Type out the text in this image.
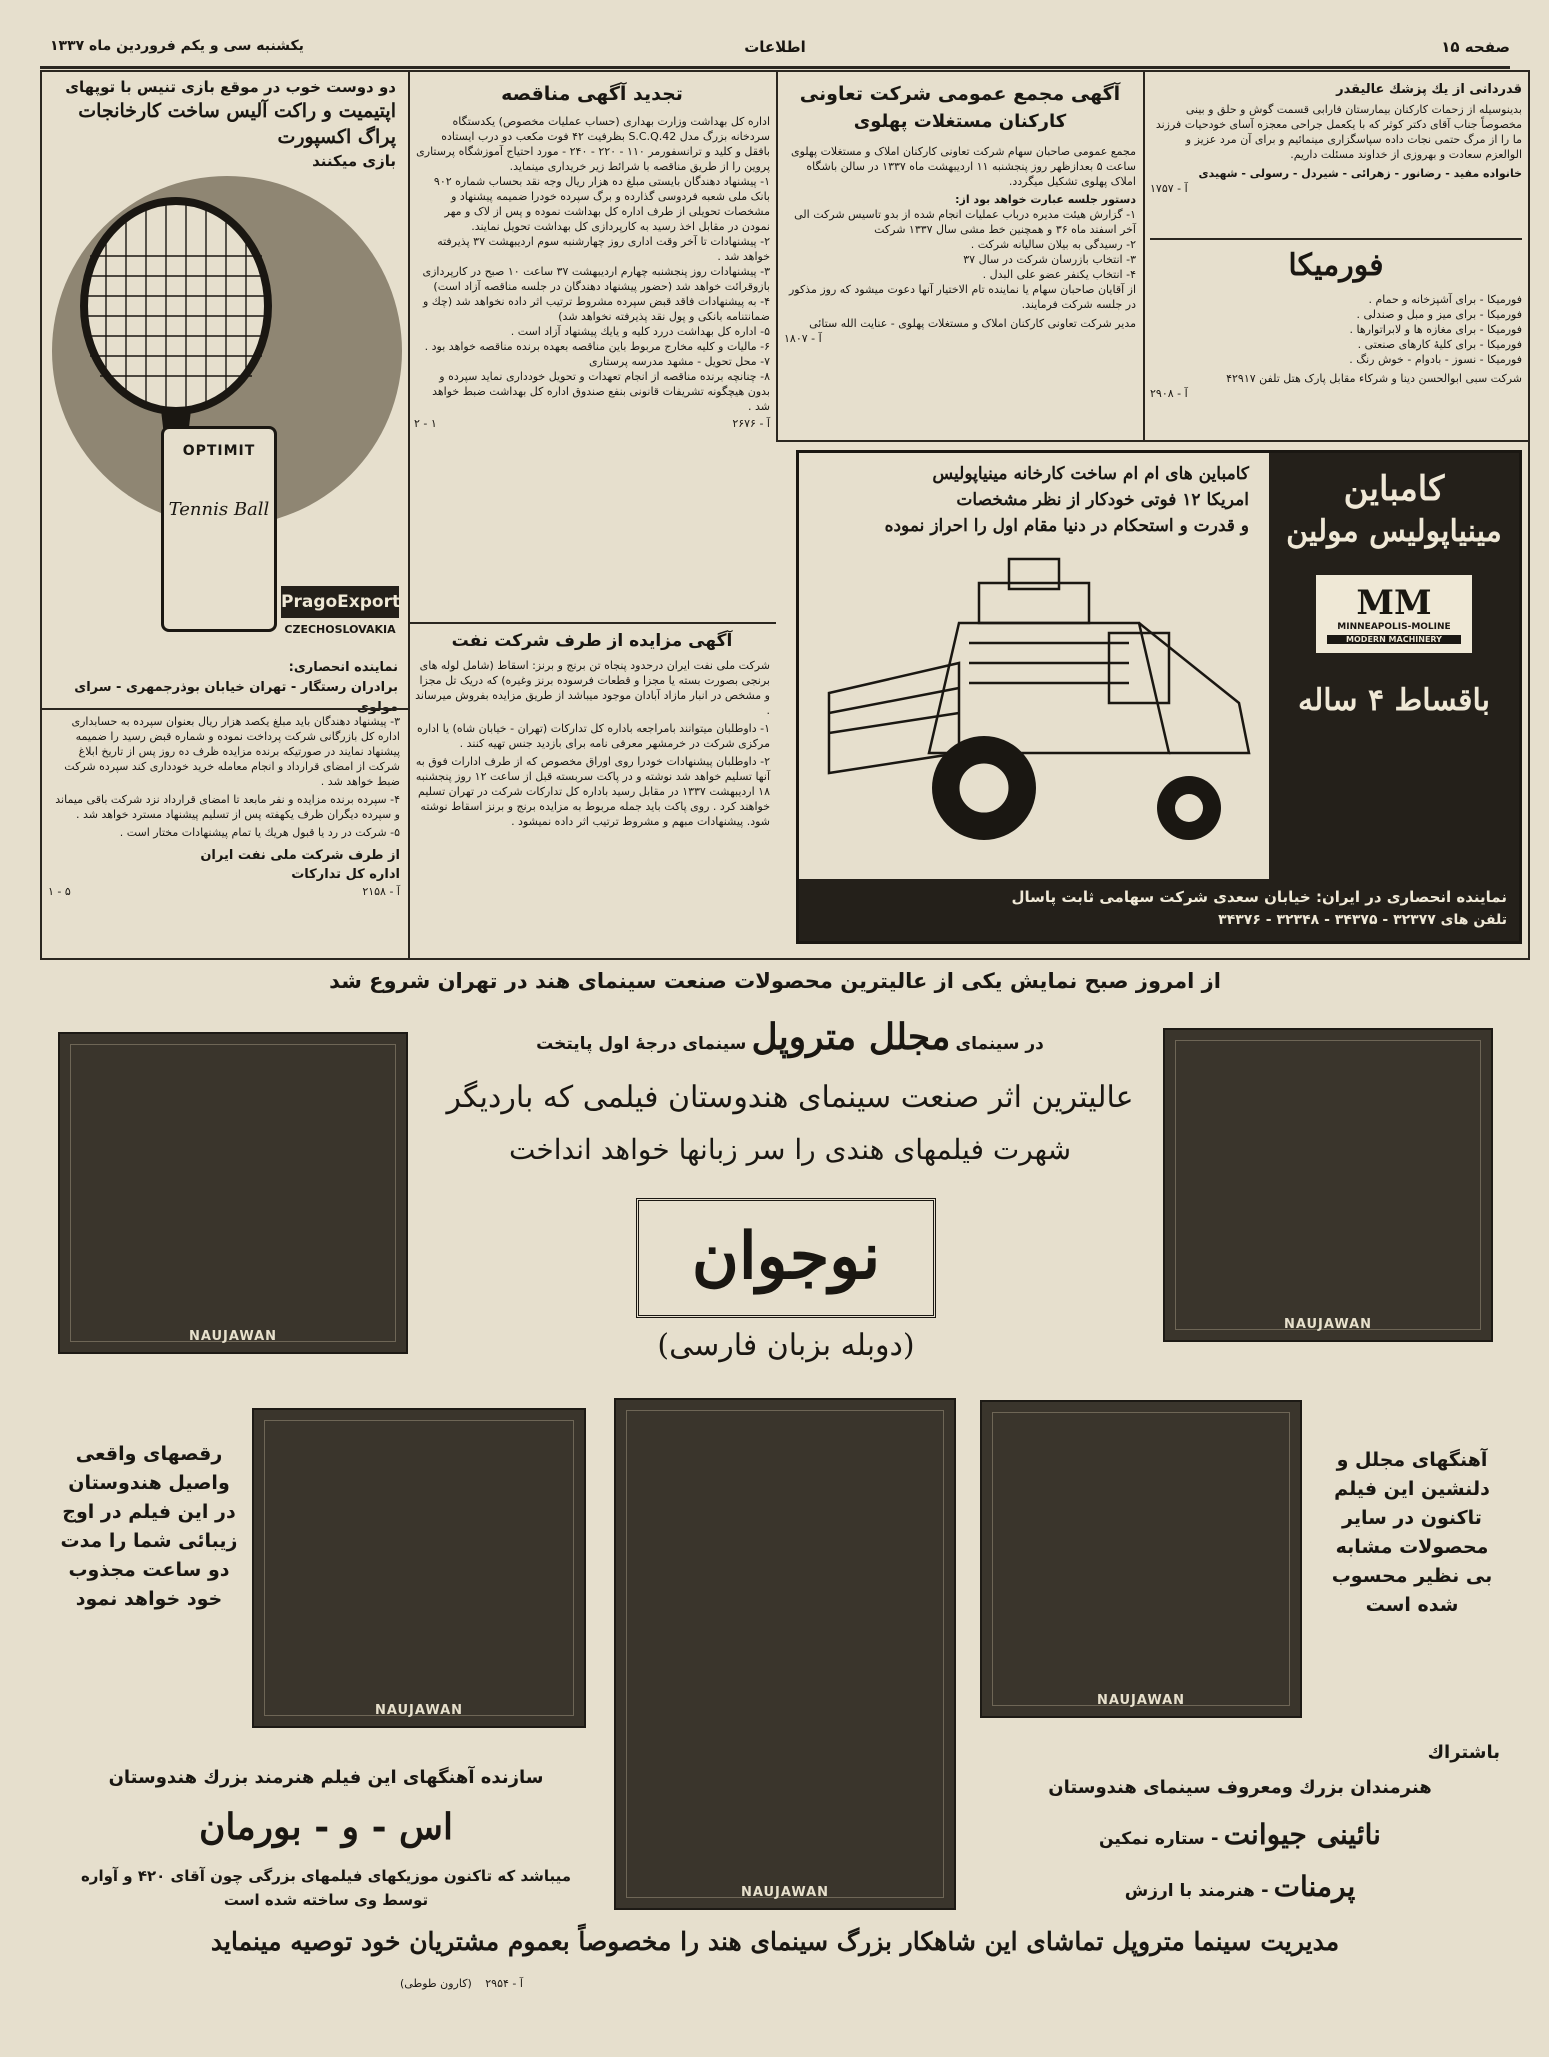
صفحه ۱۵
اطلاعات
یکشنبه سی و یکم فروردین ماه ۱۳۳۷
قدردانی از یك پزشك عالیقدر
بدینوسیله از زحمات کارکنان بیمارستان فارابی قسمت گوش و حلق و بینی مخصوصاً جناب آقای دکتر کوثر که با یکعمل جراحی معجزه آسای خودحیات فرزند ما را از مرگ حتمی نجات داده سپاسگزاری مینمائیم و برای آن مرد عزیز و الوالعزم سعادت و بهروزی از خداوند مسئلت داریم.
خانواده مفید - رضانور - زهرائی - شیردل - رسولی - شهیدی
آ - ۱۷۵۷
فورمیکا
فورمیکا - برای آشپزخانه و حمام .
فورمیکا - برای میز و مبل و صندلی .
فورمیکا - برای مغازه ها و لابراتوارها .
فورمیکا - برای کلیهٔ کارهای صنعتی .
فورمیکا - نسوز - بادوام - خوش رنگ .
شرکت سبی ابوالحسن دینا و شرکاء مقابل پارک هتل تلفن ۴۲۹۱۷
آ - ۲۹۰۸
آگهی مجمع عمومی شرکت تعاونی
کارکنان مستغلات پهلوی
مجمع عمومی صاحبان سهام شرکت تعاونی کارکنان املاک و مستغلات پهلوی ساعت ۵ بعدازظهر روز پنجشنبه ۱۱ اردیبهشت ماه ۱۳۳۷ در سالن باشگاه املاک پهلوی تشکیل میگردد.
دستور جلسه عبارت خواهد بود از:
۱- گزارش هیئت مدیره درباب عملیات انجام شده از بدو تاسیس شرکت الی آخر اسفند ماه ۳۶ و همچنین خط مشی سال ۱۳۳۷ شرکت
۲- رسیدگی به بیلان سالیانه شرکت .
۳- انتخاب بازرسان شرکت در سال ۳۷
۴- انتخاب یکنفر عضو علی البدل .
از آقایان صاحبان سهام یا نماینده تام الاختیار آنها دعوت میشود که روز مذکور در جلسه شرکت فرمایند.
مدیر شرکت تعاونی کارکنان املاک و مستغلات پهلوی - عنایت الله ستائی
آ - ۱۸۰۷
تجدید آگهی مناقصه
اداره کل بهداشت وزارت بهداری (حساب عملیات مخصوص) یکدستگاه سردخانه بزرگ مدل S.C.Q.42 بظرفیت ۴۲ فوت مکعب دو درب ایستاده بافقل و کلید و ترانسفورمر ۱۱۰ - ۲۲۰ - ۲۴۰ - مورد احتیاج آموزشگاه پرستاری پروین را از طریق مناقصه با شرائط زیر خریداری مینماید.
۱- پیشنهاد دهندگان بایستی مبلغ ده هزار ریال وجه نقد بحساب شماره ۹۰۲ بانک ملی شعبه فردوسی گذارده و برگ سپرده خودرا ضمیمه پیشنهاد و مشخصات تحویلی از طرف اداره کل بهداشت نموده و پس از لاک و مهر نمودن در مقابل اخذ رسید به کارپردازی کل بهداشت تحویل نمایند.
۲- پیشنهادات تا آخر وقت اداری روز چهارشنبه سوم اردیبهشت ۳۷ پذیرفته خواهد شد .
۳- پیشنهادات روز پنجشنبه چهارم اردیبهشت ۳۷ ساعت ۱۰ صبح در کارپردازی بازوقرائت خواهد شد (حضور پیشنهاد دهندگان در جلسه مناقصه آزاد است)
۴- به پیشنهادات فاقد قبض سپرده مشروط ترتیب اثر داده نخواهد شد (چك و ضمانتنامه بانکی و پول نقد پذیرفته نخواهد شد)
۵- اداره کل بهداشت دررد کلیه و یایك پیشنهاد آزاد است .
۶- مالیات و کلیه مخارج مربوط باین مناقصه بعهده برنده مناقصه خواهد بود .
۷- محل تحویل - مشهد مدرسه پرستاری
۸- چنانچه برنده مناقصه از انجام تعهدات و تحویل خودداری نماید سپرده و بدون هیچگونه تشریفات قانونی بنفع صندوق اداره کل بهداشت ضبط خواهد شد .
۲ - ۱	آ - ۲۶۷۶
آگهی مزایده از طرف شرکت نفت
شرکت ملی نفت ایران درحدود پنجاه تن برنج و برنز: اسقاط (شامل لوله های برنجی بصورت بسته یا مجزا و قطعات فرسوده برنز وغیره) که دریک تل مجزا و مشخص در انبار مازاد آبادان موجود میباشد از طریق مزایده بفروش میرساند .
۱- داوطلبان میتوانند بامراجعه باداره کل تدارکات (تهران - خیابان شاه) یا اداره مرکزی شرکت در خرمشهر معرفی نامه برای بازدید جنس تهیه کنند .
۲- داوطلبان پیشنهادات خودرا روی اوراق مخصوص که از طرف ادارات فوق به آنها تسلیم خواهد شد نوشته و در پاکت سربسته قبل از ساعت ۱۲ روز پنجشنبه ۱۸ اردیبهشت ۱۳۳۷ در مقابل رسید باداره کل تدارکات شرکت در تهران تسلیم خواهند کرد . روی پاکت باید جمله مربوط به مزایده برنج و برنز اسقاط نوشته شود. پیشنهادات مبهم و مشروط ترتیب اثر داده نمیشود .
دو دوست خوب در موقع بازی تنیس با توپهای
اپتیمیت و راکت آلیس ساخت کارخانجات پراگ اکسپورت
بازی میکنند
OPTIMIT
Tennis Ball
PragoExport
CZECHOSLOVAKIA
نماینده انحصاری:
برادران رستگار - تهران خیابان بوذرجمهری - سرای
۳- پیشنهاد دهندگان باید مبلغ یکصد هزار ریال بعنوان سپرده به حسابداری اداره کل بازرگانی شرکت پرداخت نموده و شماره قبض رسید را ضمیمه پیشنهاد نمایند در صورتیکه برنده مزایده ظرف ده روز پس از تاریخ ابلاغ شرکت از امضای قرارداد و انجام معامله خرید خودداری کند سپرده شرکت ضبط خواهد شد .
۴- سپرده برنده مزایده و نفر مابعد تا امضای قرارداد نزد شرکت باقی میماند و سپرده دیگران ظرف یکهفته پس از تسلیم پیشنهاد مسترد خواهد شد .
۵- شرکت در رد یا قبول هریك یا تمام پیشنهادات مختار است .
از طرف شرکت ملی نفت ایران
اداره کل تدارکات
۱ - ۵	آ - ۲۱۵۸
کامباین
مینیاپولیس مولین
MM
MINNEAPOLIS-MOLINE
MODERN MACHINERY
باقساط ۴ ساله
کامباین های ام ام ساخت کارخانه مینیاپولیس
امریکا ۱۲ فوتی خودکار از نظر مشخصات
و قدرت و استحکام در دنیا مقام اول را احراز نموده
نماینده انحصاری در ایران: خیابان سعدی شرکت سهامی ثابت پاسال
تلفن های ۳۲۳۷۷ - ۳۴۳۷۵ - ۳۲۳۴۸ - ۳۴۳۷۶
از امروز صبح نمایش یکی از عالیترین محصولات صنعت سینمای هند در تهران شروع شد
در سینمای مجلل متروپل سینمای درجهٔ اول پایتخت
عالیترین اثر صنعت سینمای هندوستان فیلمی که باردیگر
شهرت فیلمهای هندی را سر زبانها خواهد انداخت
نوجوان
(دوبله بزبان فارسی)
NAUJAWAN
NAUJAWAN
NAUJAWAN
NAUJAWAN
NAUJAWAN
رقصهای واقعی واصیل هندوستان در این فیلم در اوج زیبائی شما را مدت دو ساعت مجذوب خود خواهد نمود
آهنگهای مجلل و دلنشین این فیلم تاکنون در سایر محصولات مشابه بی نظیر محسوب شده است
باشتراك
هنرمندان بزرك ومعروف سینمای هندوستان
نائینی جیوانت - ستاره نمکین
پرمنات - هنرمند با ارزش
سازنده آهنگهای این فیلم هنرمند بزرك هندوستان
اس - و - بورمان
میباشد که تاکنون موزیکهای فیلمهای بزرگی چون آقای ۴۲۰ و آواره توسط وی ساخته شده است
مدیریت سینما متروپل تماشای این شاهکار بزرگ سینمای هند را مخصوصاً بعموم مشتریان خود توصیه مینماید
(کارون طوطی) آ - ۲۹۵۴
